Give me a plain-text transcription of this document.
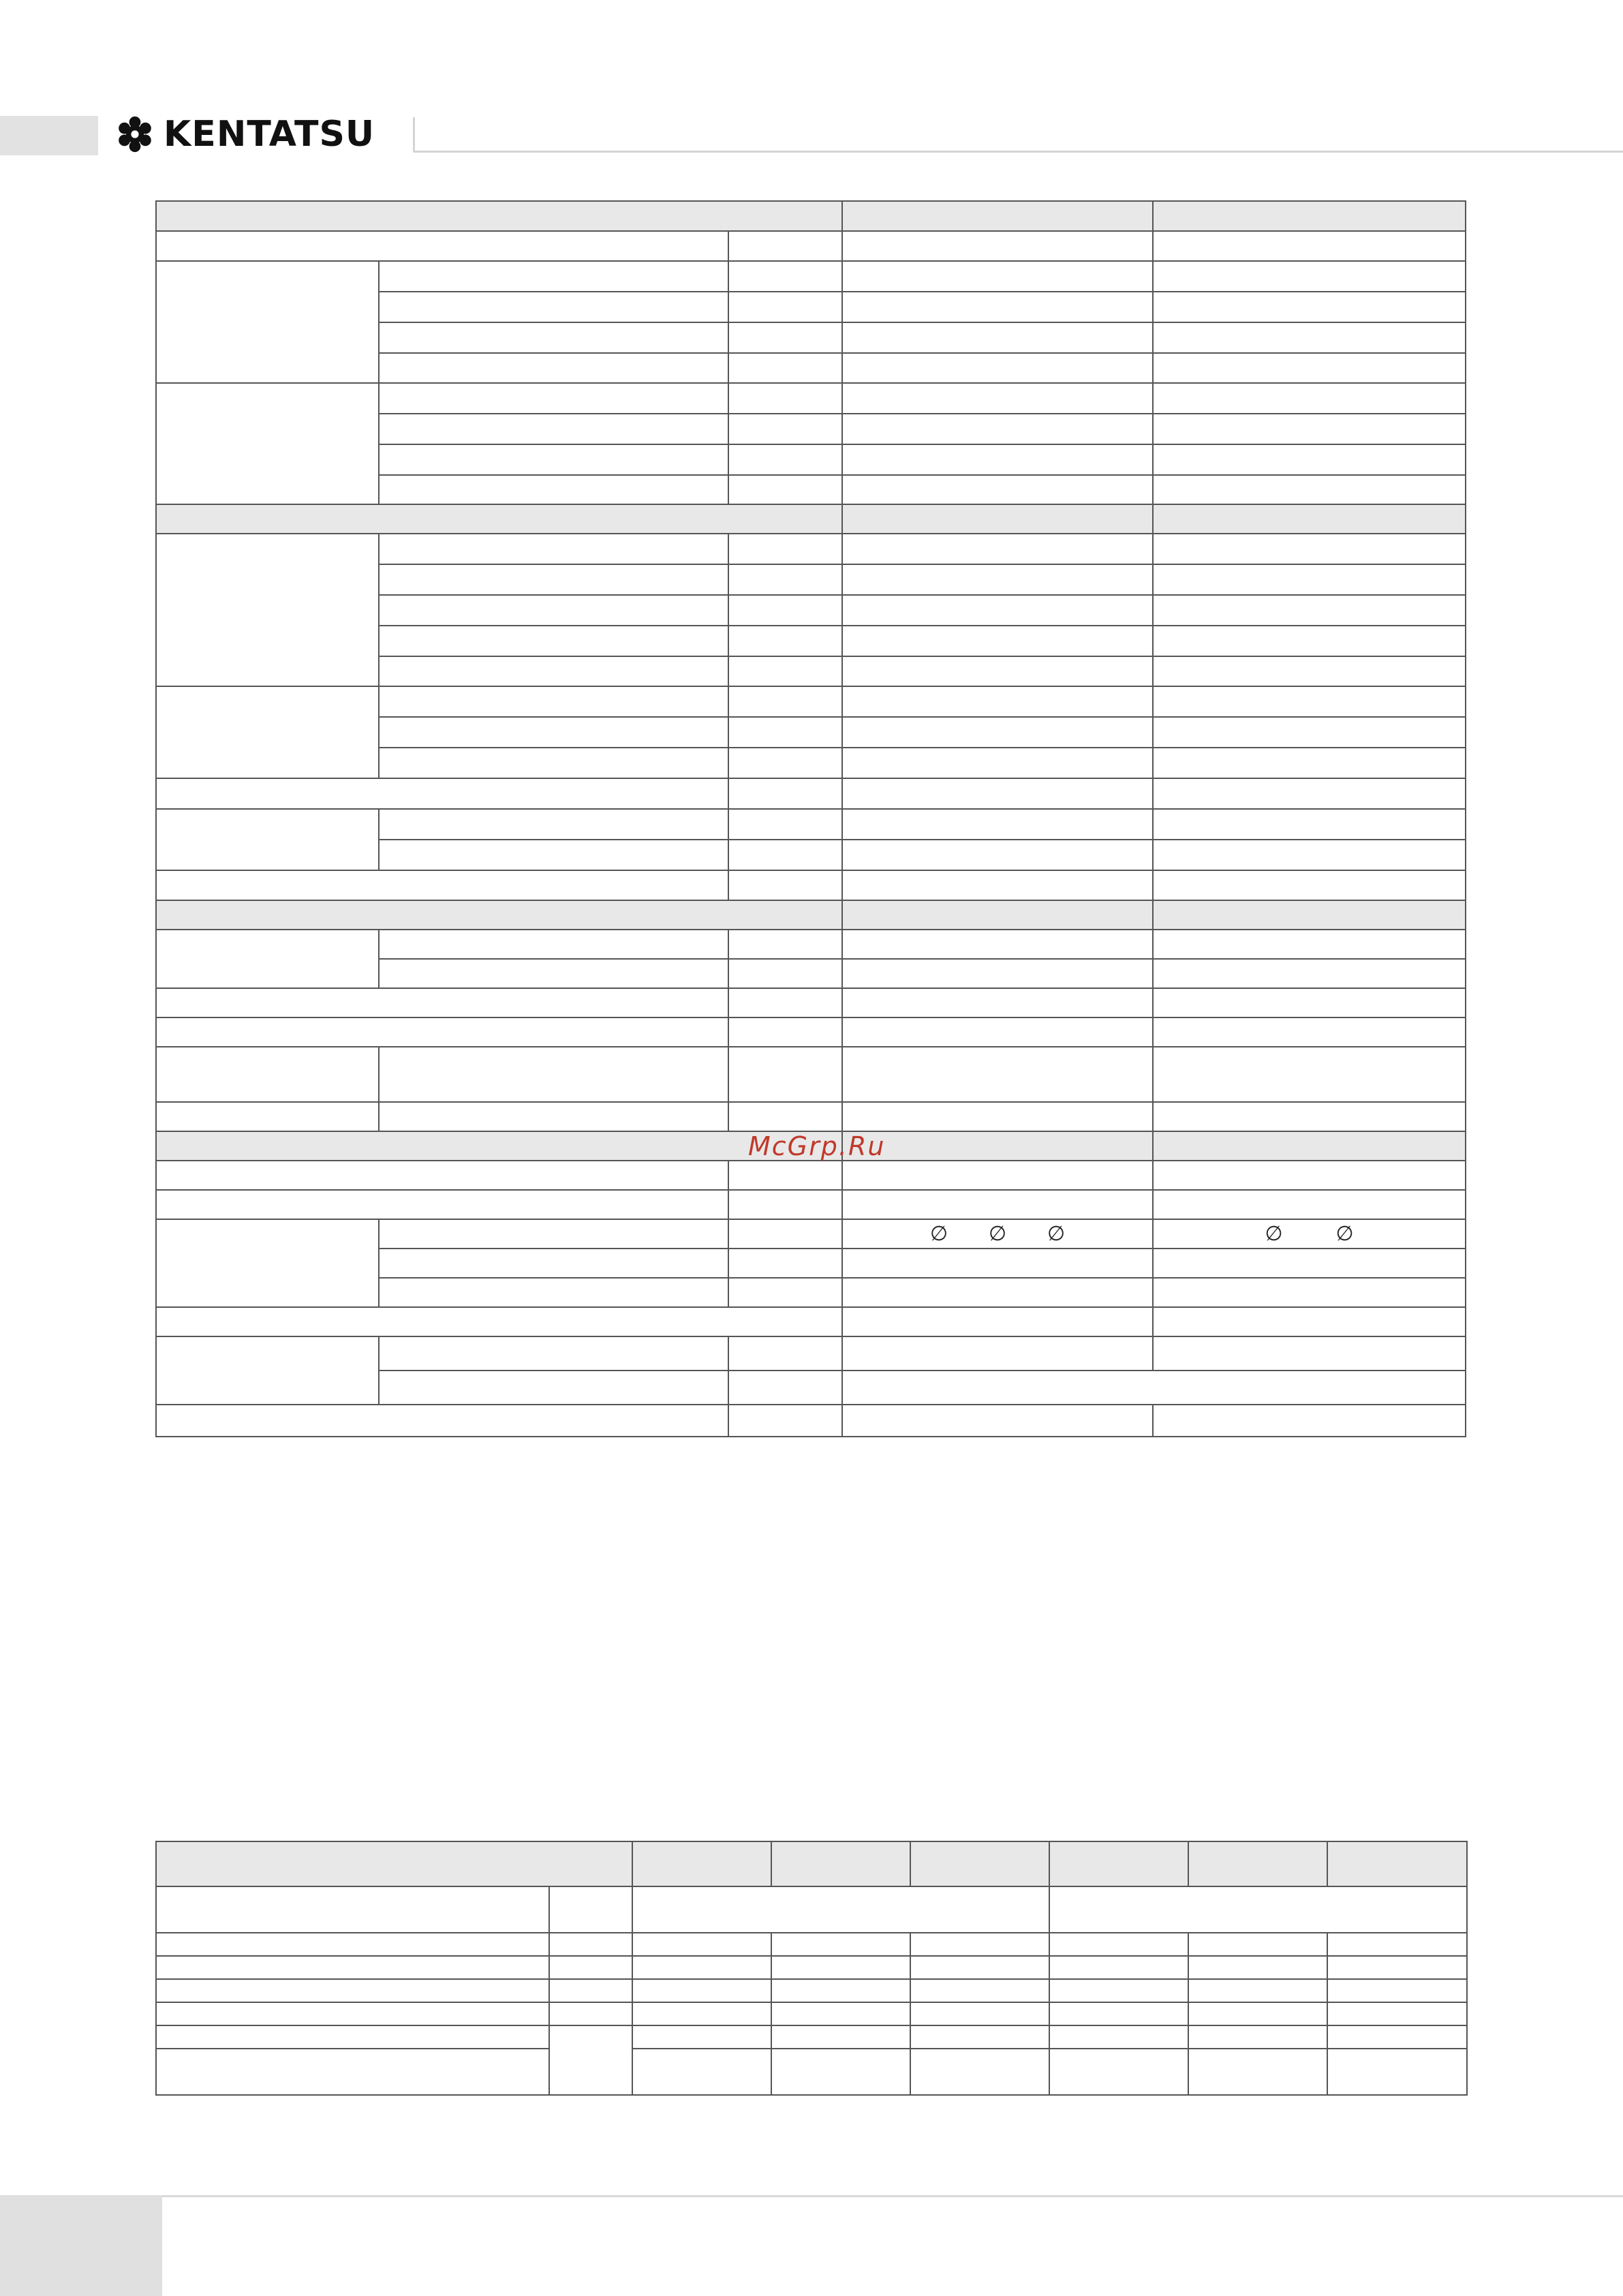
KENTATSU

			∅ ∅ ∅	∅ ∅

McGrp.Ru
